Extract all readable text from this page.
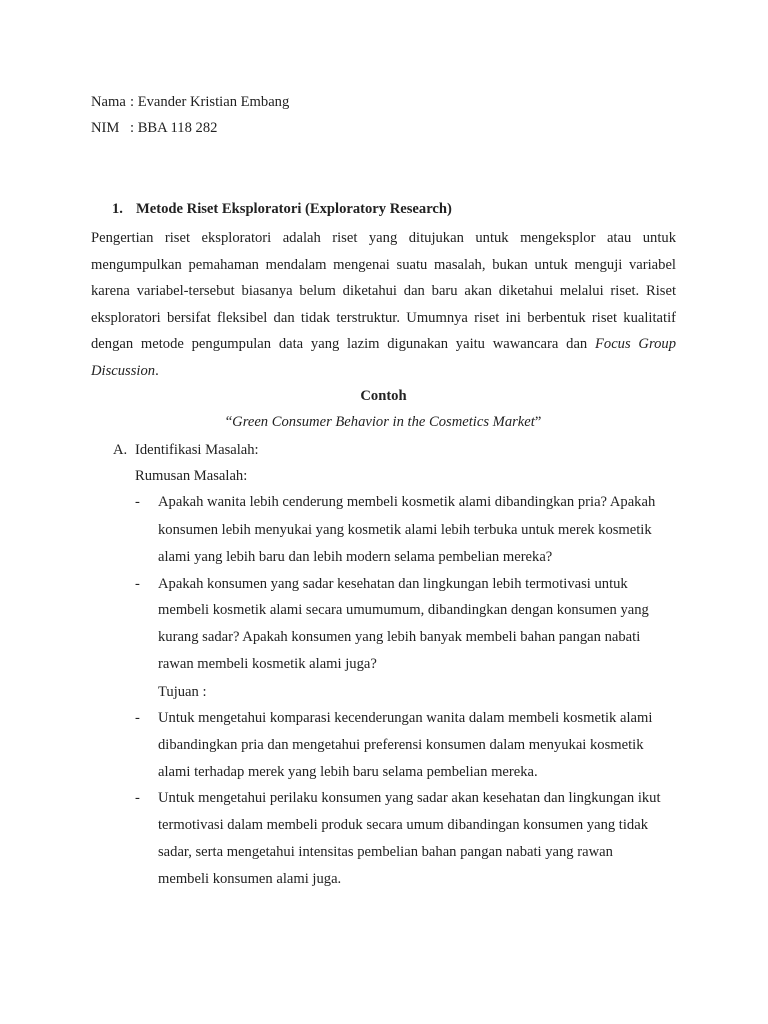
Nama : Evander Kristian Embang
NIM : BBA 118 282
1. Metode Riset Eksploratori (Exploratory Research)
Pengertian riset eksploratori adalah riset yang ditujukan untuk mengeksplor atau untuk
mengumpulkan pemahaman mendalam mengenai suatu masalah, bukan untuk menguji variabel
karena variabel-tersebut biasanya belum diketahui dan baru akan diketahui melalui riset. Riset
eksploratori bersifat fleksibel dan tidak terstruktur. Umumnya riset ini berbentuk riset kualitatif
dengan metode pengumpulan data yang lazim digunakan yaitu wawancara dan Focus Group
Discussion.
Contoh
“Green Consumer Behavior in the Cosmetics Market”
A. Identifikasi Masalah:
Rumusan Masalah:
- Apakah wanita lebih cenderung membeli kosmetik alami dibandingkan pria? Apakah
konsumen lebih menyukai yang kosmetik alami lebih terbuka untuk merek kosmetik
alami yang lebih baru dan lebih modern selama pembelian mereka?
- Apakah konsumen yang sadar kesehatan dan lingkungan lebih termotivasi untuk
membeli kosmetik alami secara umumumum, dibandingkan dengan konsumen yang
kurang sadar? Apakah konsumen yang lebih banyak membeli bahan pangan nabati
rawan membeli kosmetik alami juga?
Tujuan :
- Untuk mengetahui komparasi kecenderungan wanita dalam membeli kosmetik alami
dibandingkan pria dan mengetahui preferensi konsumen dalam menyukai kosmetik
alami terhadap merek yang lebih baru selama pembelian mereka.
- Untuk mengetahui perilaku konsumen yang sadar akan kesehatan dan lingkungan ikut
termotivasi dalam membeli produk secara umum dibandingan konsumen yang tidak
sadar, serta mengetahui intensitas pembelian bahan pangan nabati yang rawan
membeli konsumen alami juga.
